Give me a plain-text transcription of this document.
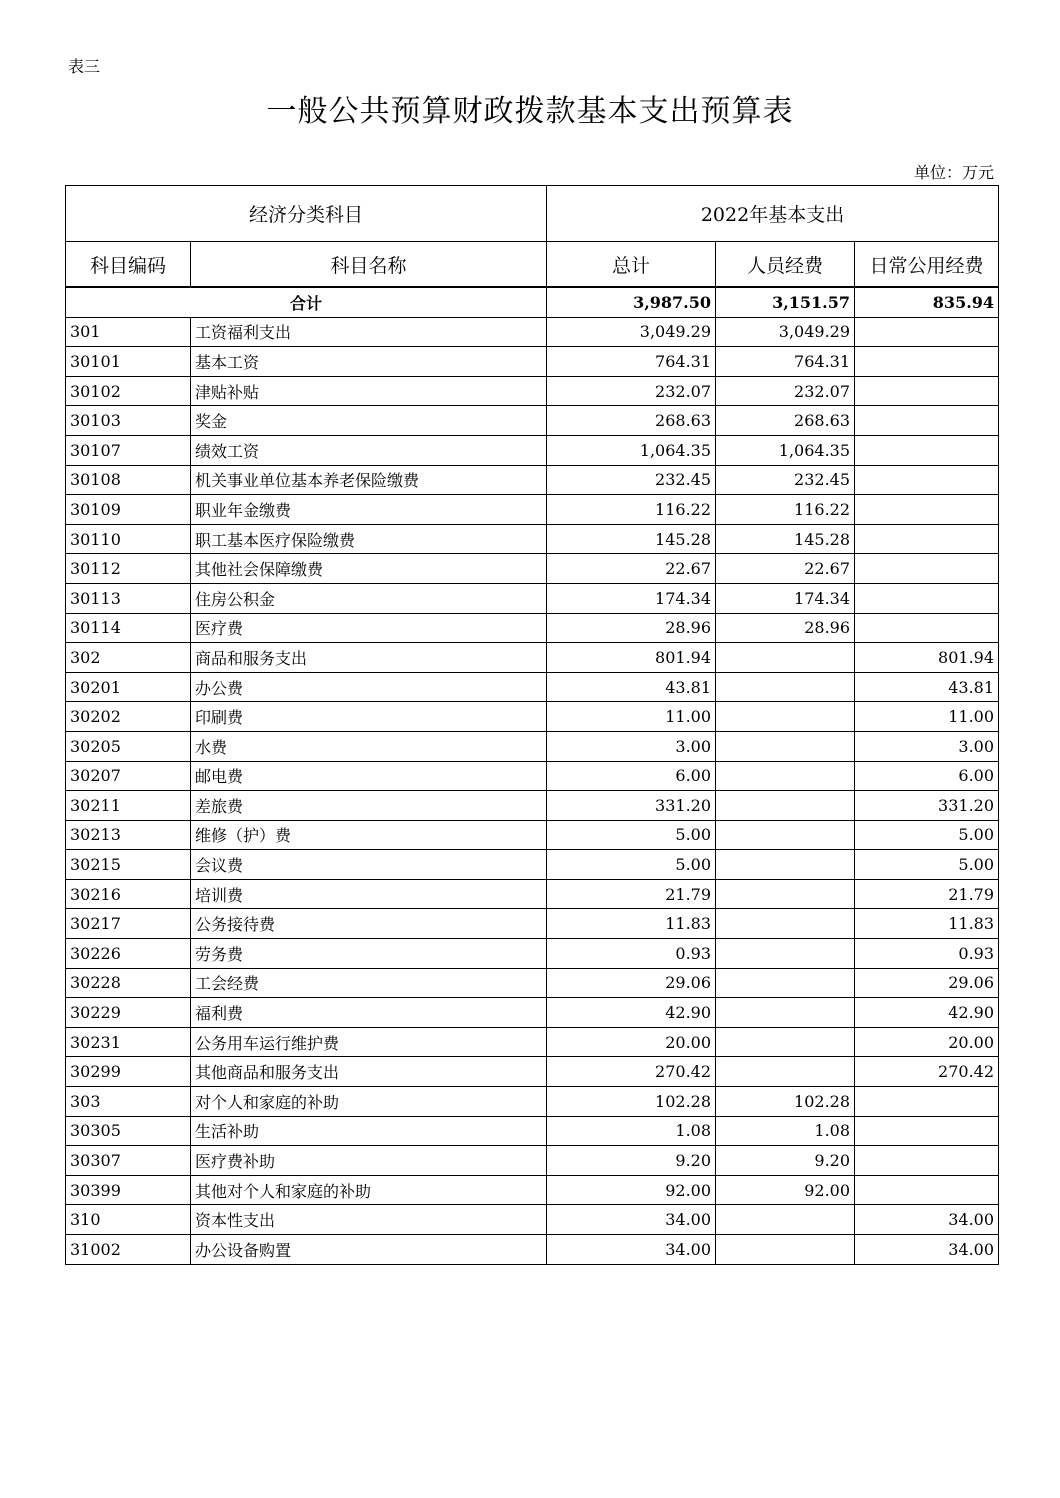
表三
一般公共预算财政拨款基本支出预算表
单位：万元
经济分类科目		2022年基本支出		
科目编码	科目名称	总计	人员经费	日常公用经费
合计		3,987.50	3,151.57	835.94
301	工资福利支出	3,049.29	3,049.29	
30101	基本工资	764.31	764.31	
30102	津贴补贴	232.07	232.07	
30103	奖金	268.63	268.63	
30107	绩效工资	1,064.35	1,064.35	
30108	机关事业单位基本养老保险缴费	232.45	232.45	
30109	职业年金缴费	116.22	116.22	
30110	职工基本医疗保险缴费	145.28	145.28	
30112	其他社会保障缴费	22.67	22.67	
30113	住房公积金	174.34	174.34	
30114	医疗费	28.96	28.96	
302	商品和服务支出	801.94		801.94
30201	办公费	43.81		43.81
30202	印刷费	11.00		11.00
30205	水费	3.00		3.00
30207	邮电费	6.00		6.00
30211	差旅费	331.20		331.20
30213	维修（护）费	5.00		5.00
30215	会议费	5.00		5.00
30216	培训费	21.79		21.79
30217	公务接待费	11.83		11.83
30226	劳务费	0.93		0.93
30228	工会经费	29.06		29.06
30229	福利费	42.90		42.90
30231	公务用车运行维护费	20.00		20.00
30299	其他商品和服务支出	270.42		270.42
303	对个人和家庭的补助	102.28	102.28	
30305	生活补助	1.08	1.08	
30307	医疗费补助	9.20	9.20	
30399	其他对个人和家庭的补助	92.00	92.00	
310	资本性支出	34.00		34.00
31002	办公设备购置	34.00		34.00
